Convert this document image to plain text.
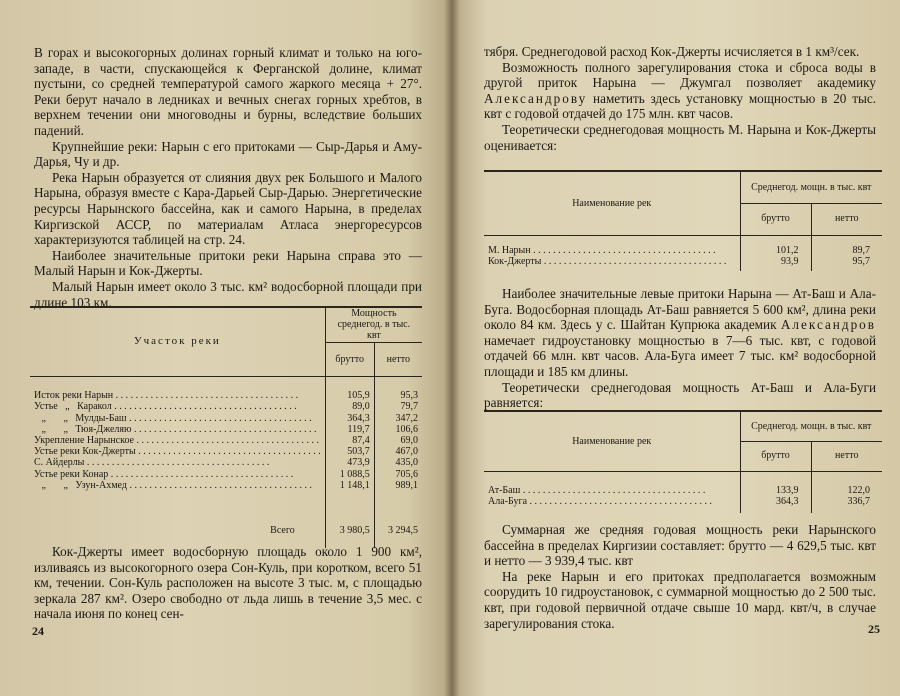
В горах и высокогорных долинах горный климат и только на юго-западе, в части, спускающейся к Ферганской долине, климат пустыни, со средней температурой самого жаркого месяца + 27°. Реки берут начало в ледниках и вечных снегах горных хребтов, в верхнем течении они многоводны и бурны, вследствие больших падений.

Крупнейшие реки: Нарын с его притоками — Сыр-Дарья и Аму-Дарья, Чу и др.

Река Нарын образуется от слияния двух рек Большого и Малого Нарына, образуя вместе с Кара-Дарьей Сыр-Дарью. Энергетические ресурсы Нарынского бассейна, как и самого Нарына, в пределах Киргизской АССР, по материалам Атласа энергоресурсов характеризуются таблицей на стр. 24.

Наиболее значительные притоки реки Нарына справа это — Малый Нарын и Кок-Джерты.

Малый Нарын имеет около 3 тыс. км² водосборной площади при длине 103 км.

Участок реки	Мощность среднегод. в тыс. квт	
	брутто	нетто

Исток реки Нарын . . .	105,9	95,3
Устье   „   Каракол . . .	89,0	79,7
„       „   Мулды-Баш . . .	364,3	347,2
„       „   Тюя-Джеляю . . .	119,7	106,6
Укрепление Нарынское . . .	87,4	69,0
Устье реки Кок-Джерты . . .	503,7	467,0
С. Айдерлы . . .	473,9	435,0
Устье реки Конар . . .	1 088,5	705,6
„       „   Узун-Ахмед . . .	1 148,1	989,1

Всего	3 980,5	3 294,5

Кок-Джерты имеет водосборную площадь около 1 900 км², изливаясь из высокогорного озера Сон-Куль, при коротком, всего 51 км, течении. Сон-Куль расположен на высоте 3 тыс. м, с площадью зеркала 287 км². Озеро свободно от льда лишь в течение 3,5 мес. с начала июня по конец сен-

24

тября. Среднегодовой расход Кок-Джерты исчисляется в 1 км³/сек.

Возможность полного зарегулирования стока и сброса воды в другой приток Нарына — Джумгал позволяет академику Александрову наметить здесь установку мощностью в 20 тыс. квт с годовой отдачей до 175 млн. квт часов.

Теоретически среднегодовая мощность М. Нарына и Кок-Джерты оценивается:

Наименование рек	Среднегод. мощн. в тыс. квт	
	брутто	нетто

М. Нарын . . .	101,2	89,7
Кок-Джерты . . .	93,9	95,7

Наиболее значительные левые притоки Нарына — Ат-Баш и Ала-Буга. Водосборная площадь Ат-Баш равняется 5 600 км², длина реки около 84 км. Здесь у с. Шайтан Купрюка академик Александров намечает гидроустановку мощностью в 7—6 тыс. квт, с годовой отдачей 66 млн. квт часов. Ала-Буга имеет 7 тыс. км² водосборной площади и 185 км длины.

Теоретически среднегодовая мощность Ат-Баш и Ала-Буги равняется:

Наименование рек	Среднегод. мощн. в тыс. квт	
	брутто	нетто

Ат-Баш . . .	133,9	122,0
Ала-Буга . . .	364,3	336,7

Суммарная же средняя годовая мощность реки Нарынского бассейна в пределах Киргизии составляет: брутто — 4 629,5 тыс. квт и нетто — 3 939,4 тыс. квт

На реке Нарын и его притоках предполагается возможным соорудить 10 гидроустановок, с суммарной мощностью до 2 500 тыс. квт, при годовой первичной отдаче свыше 10 мард. квт/ч, в случае зарегулирования стока.	25
